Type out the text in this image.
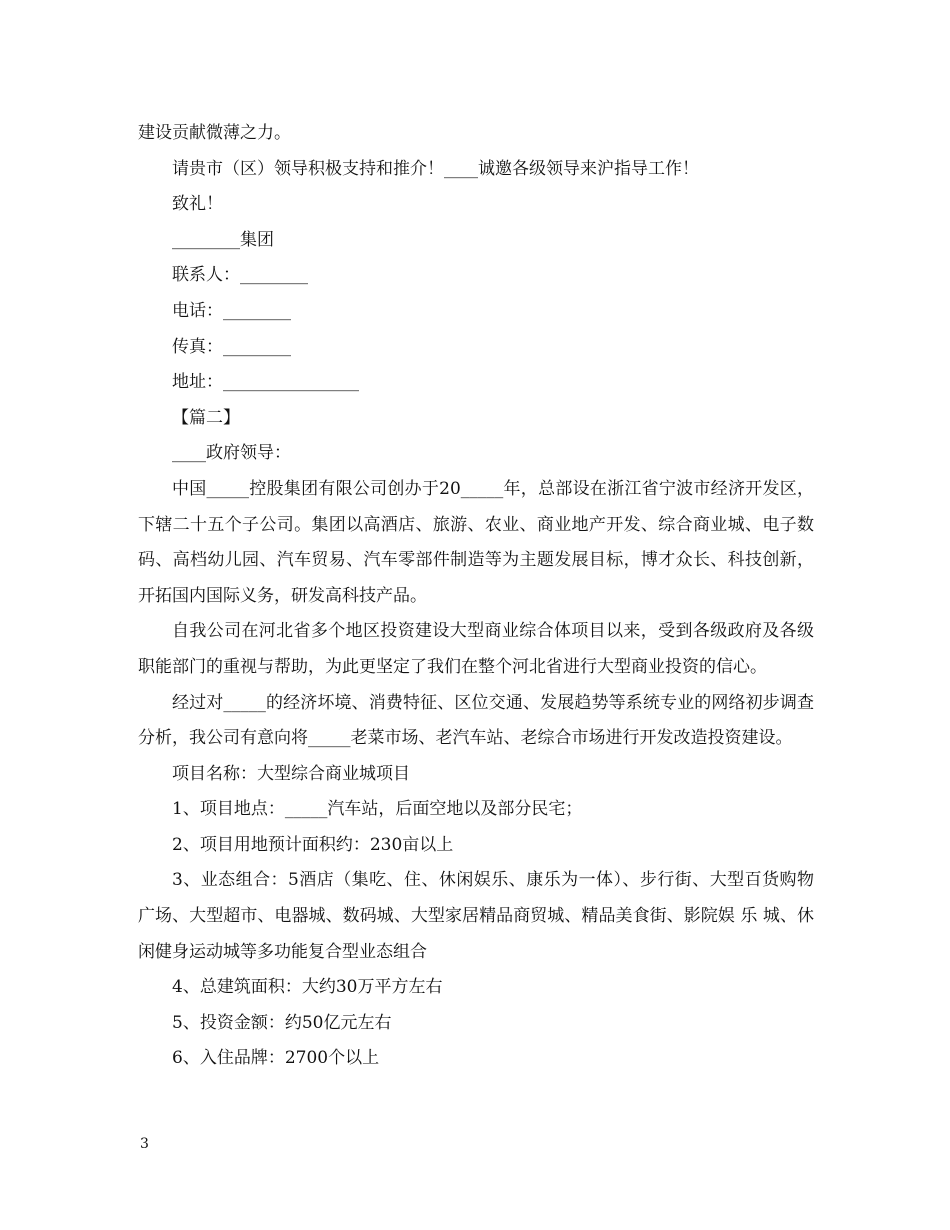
建设贡献微薄之力。

请贵市（区）领导积极支持和推介！____诚邀各级领导来沪指导工作！

致礼！

________集团

联系人：________

电话：________

传真：________

地址：________________

【篇二】

____政府领导：

中国_____控股集团有限公司创办于20_____年，总部设在浙江省宁波市经济开发区，下辖二十五个子公司。集团以高酒店、旅游、农业、商业地产开发、综合商业城、电子数码、高档幼儿园、汽车贸易、汽车零部件制造等为主题发展目标，博才众长、科技创新，开拓国内国际义务，研发高科技产品。

自我公司在河北省多个地区投资建设大型商业综合体项目以来，受到各级政府及各级职能部门的重视与帮助，为此更坚定了我们在整个河北省进行大型商业投资的信心。

经过对_____的经济坏境、消费特征、区位交通、发展趋势等系统专业的网络初步调查分析，我公司有意向将_____老菜市场、老汽车站、老综合市场进行开发改造投资建设。

项目名称：大型综合商业城项目

1、项目地点：_____汽车站，后面空地以及部分民宅；

2、项目用地预计面积约：230亩以上

3、业态组合：5酒店（集吃、住、休闲娱乐、康乐为一体）、步行街、大型百货购物广场、大型超市、电器城、数码城、大型家居精品商贸城、精品美食街、影院娱 乐 城、休闲健身运动城等多功能复合型业态组合

4、总建筑面积：大约30万平方左右

5、投资金额：约50亿元左右

6、入住品牌：2700个以上

3
